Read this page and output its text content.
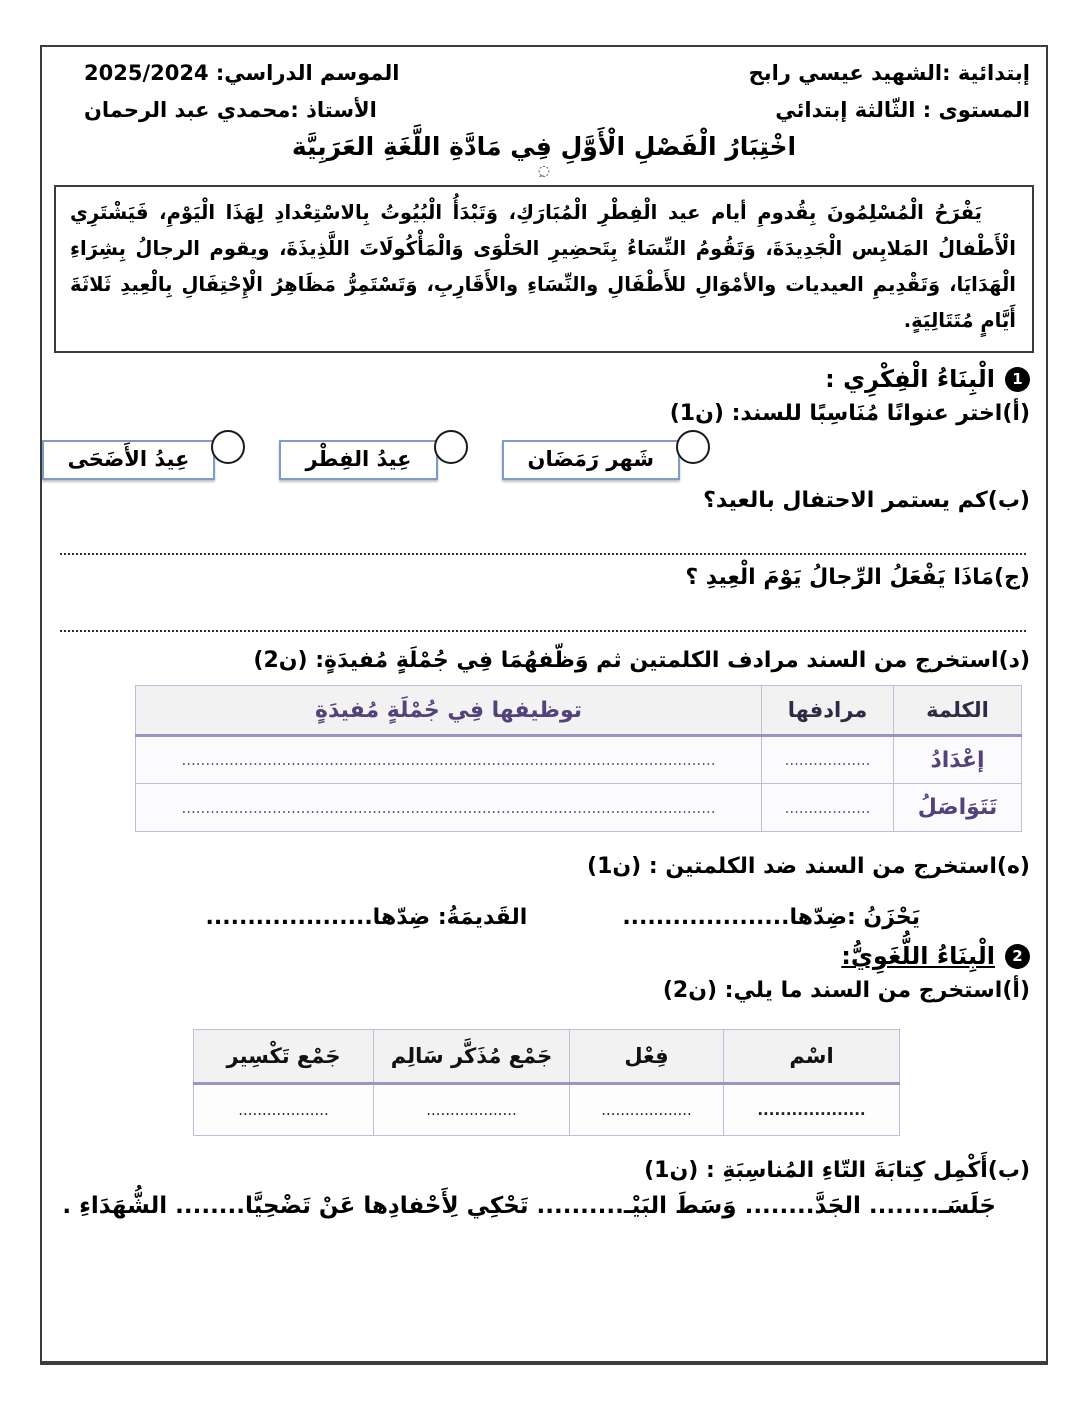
إبتدائية :الشهيد عيسي رابح
الموسم الدراسي: 2025/2024
المستوى : الثّالثة إبتدائي
الأستاذ :محمدي عبد الرحمان
اخْتِبَارُ الْفَصْلِ الْأَوَّلِ فِي مَادَّةِ اللَّغَةِ العَرَبِيَّة
◌ِ
يَفْرَحُ الْمُسْلِمُونَ بِقُدومِ أيام عيد الْفِطْرِ الْمُبَارَكِ، وَتَبْدَأُ الْبُيُوتُ بِالاسْتِعْدادِ لِهَذَا الْيَوْمِ، فَيَشْتَرِي الْأَطْفالُ المَلابِس الْجَدِيدَةَ، وَتَقُومُ النِّسَاءُ بِتَحضِيرِ الحَلْوَى وَالْمَأْكُولَاتَ اللَّذِيذَةَ، ويقوم الرجالُ بِشِرَاءِ الْهَدَايَا، وَتَقْدِيمِ العيديات والأمْوَالِ للأَطْفَالِ والنِّسَاءِ والأَقَارِبِ، وَتَسْتَمِرُّ مَظَاهِرُ الْإِحْتِفَالِ بِالْعِيدِ ثَلاثَةَ أَيَّامٍ مُتَتَالِيَةٍ.
1
الْبِنَاءُ الْفِكْرِي :
(أ)اختر عنوانًا مُنَاسِبًا للسند: (ن1)
شَهر رَمَضَان
عِيدُ الفِطْر
عِيدُ الأَضَحَى
(ب)كم يستمر الاحتفال بالعيد؟
(ج)مَاذَا يَفْعَلُ الرِّجالُ يَوْمَ الْعِيدِ ؟
(د)استخرج من السند مرادف الكلمتين ثم وَظّفهُمَا فِي جُمْلَةٍ مُفيدَةٍ: (ن2)
الكلمة	مرادفها	توظيفها فِي جُمْلَةٍ مُفيدَةٍ
إعْدَادُ	..................	................................................................................................................
تَتَوَاصَلُ	..................	................................................................................................................
(ه)استخرج من السند ضد الكلمتين : (ن1)
يَحْزَنُ :ضِدّها....................
القَديمَةُ: ضِدّها....................
2
الْبِنَاءُ اللُّغَوِيُّ:
(أ)استخرج من السند ما يلي: (ن2)
اسْم	فِعْل	جَمْع مُذَكَّر سَالِم	جَمْع تَكْسِير
...................	...................	...................	...................
(ب)أَكْمِل كِتابَةَ التّاءِ المُناسِبَةِ : (ن1)
جَلَسَـ........ الجَدَّ........ وَسَطَ البَيْـ.......... تَحْكِي لِأَحْفادِها عَنْ تَضْحِيَّا........ الشُّهَدَاءِ .
